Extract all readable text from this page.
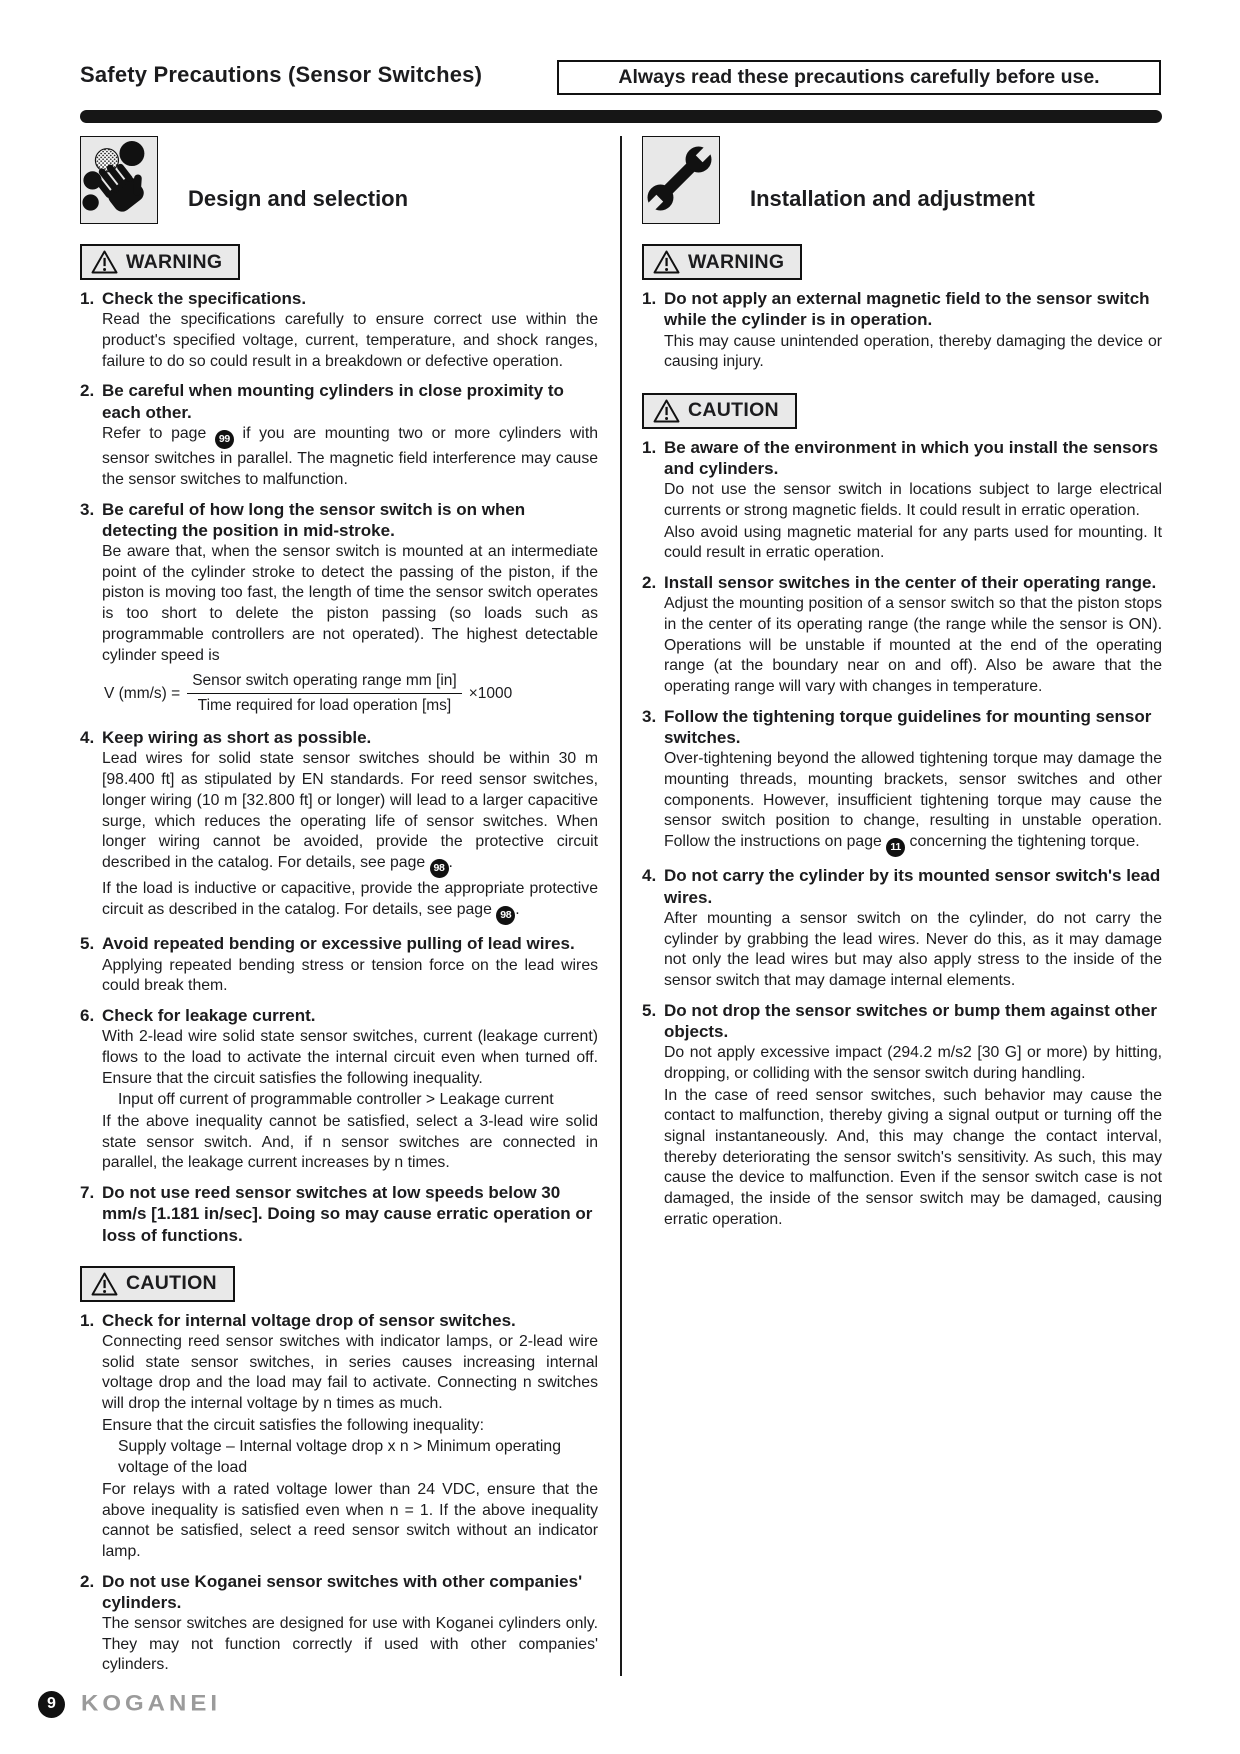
Safety Precautions (Sensor Switches)	Always read these precautions carefully before use.
Design and selection
WARNING
1. Check the specifications.

Read the specifications carefully to ensure correct use within the product's specified voltage, current, temperature, and shock ranges, failure to do so could result in a breakdown or defective operation.

2. Be careful when mounting cylinders in close proximity to each other.

Refer to page 99 if you are mounting two or more cylinders with sensor switches in parallel. The magnetic field interference may cause the sensor switches to malfunction.

3. Be careful of how long the sensor switch is on when detecting the position in mid-stroke.

Be aware that, when the sensor switch is mounted at an intermediate point of the cylinder stroke to detect the passing of the piston, if the piston is moving too fast, the length of time the sensor switch operates is too short to delete the piston passing (so loads such as programmable controllers are not operated). The highest detectable cylinder speed is

V $(mm/s) = \frac{\text{Sensor switch operating range mm [in]}}{\text{Time required for load operation [ms]}} \times 1000$
4. Keep wiring as short as possible.

Lead wires for solid state sensor switches should be within 30 m [98.400 ft] as stipulated by EN standards. For reed sensor switches, longer wiring (10 m [32.800 ft] or longer) will lead to a larger capacitive surge, which reduces the operating life of sensor switches. When longer wiring cannot be avoided, provide the protective circuit described in the catalog. For details, see page 98 .

If the load is inductive or capacitive, provide the appropriate protective circuit as described in the catalog. For details, see page 98 .

5. Avoid repeated bending or excessive pulling of lead wires.

Applying repeated bending stress or tension force on the lead wires could break them.

6. Check for leakage current.

With 2-lead wire solid state sensor switches, current (leakage current) flows to the load to activate the internal circuit even when turned off. Ensure that the circuit satisfies the following inequality.

Input off current of programmable controller > Leakage current

If the above inequality cannot be satisfied, select a 3-lead wire solid state sensor switch. And, if n sensor switches are connected in parallel, the leakage current increases by n times.

7. Do not use reed sensor switches at low speeds below 30 mm/s [1.181 in/sec]. Doing so may cause erratic operation or loss of functions.
CAUTION
1. Check for internal voltage drop of sensor switches.

Connecting reed sensor switches with indicator lamps, or 2-lead wire solid state sensor switches, in series causes increasing internal voltage drop and the load may fail to activate. Connecting n switches will drop the internal voltage by n times as much.

Ensure that the circuit satisfies the following inequality:

Supply voltage – Internal voltage drop x n > Minimum operating voltage of the load

For relays with a rated voltage lower than 24 VDC, ensure that the above inequality is satisfied even when n = 1. If the above inequality cannot be satisfied, select a reed sensor switch without an indicator lamp.

2. Do not use Koganei sensor switches with other companies' cylinders.

The sensor switches are designed for use with Koganei cylinders only. They may not function correctly if used with other companies' cylinders.

Installation and adjustment
WARNING
1. Do not apply an external magnetic field to the sensor switch while the cylinder is in operation.

This may cause unintended operation, thereby damaging the device or causing injury.

CAUTION
1. Be aware of the environment in which you install the sensors and cylinders.

Do not use the sensor switch in locations subject to large electrical currents or strong magnetic fields. It could result in erratic operation.

Also avoid using magnetic material for any parts used for mounting. It could result in erratic operation.

2. Install sensor switches in the center of their operating range.

Adjust the mounting position of a sensor switch so that the piston stops in the center of its operating range (the range while the sensor is ON). Operations will be unstable if mounted at the end of the operating range (at the boundary near on and off). Also be aware that the operating range will vary with changes in temperature.

3. Follow the tightening torque guidelines for mounting sensor switches.

Over-tightening beyond the allowed tightening torque may damage the mounting threads, mounting brackets, sensor switches and other components. However, insufficient tightening torque may cause the sensor switch position to change, resulting in unstable operation. Follow the instructions on page 11 concerning the tightening torque.

4. Do not carry the cylinder by its mounted sensor switch's lead wires.

After mounting a sensor switch on the cylinder, do not carry the cylinder by grabbing the lead wires. Never do this, as it may damage not only the lead wires but may also apply stress to the inside of the sensor switch that may damage internal elements.

5. Do not drop the sensor switches or bump them against other objects.

Do not apply excessive impact (294.2 m/s2 [30 G] or more) by hitting, dropping, or colliding with the sensor switch during handling.

In the case of reed sensor switches, such behavior may cause the contact to malfunction, thereby giving a signal output or turning off the signal instantaneously. And, this may change the contact interval, thereby deteriorating the sensor switch's sensitivity. As such, this may cause the device to malfunction. Even if the sensor switch case is not damaged, the inside of the sensor switch may be damaged, causing erratic operation.

9	KOGANEI
